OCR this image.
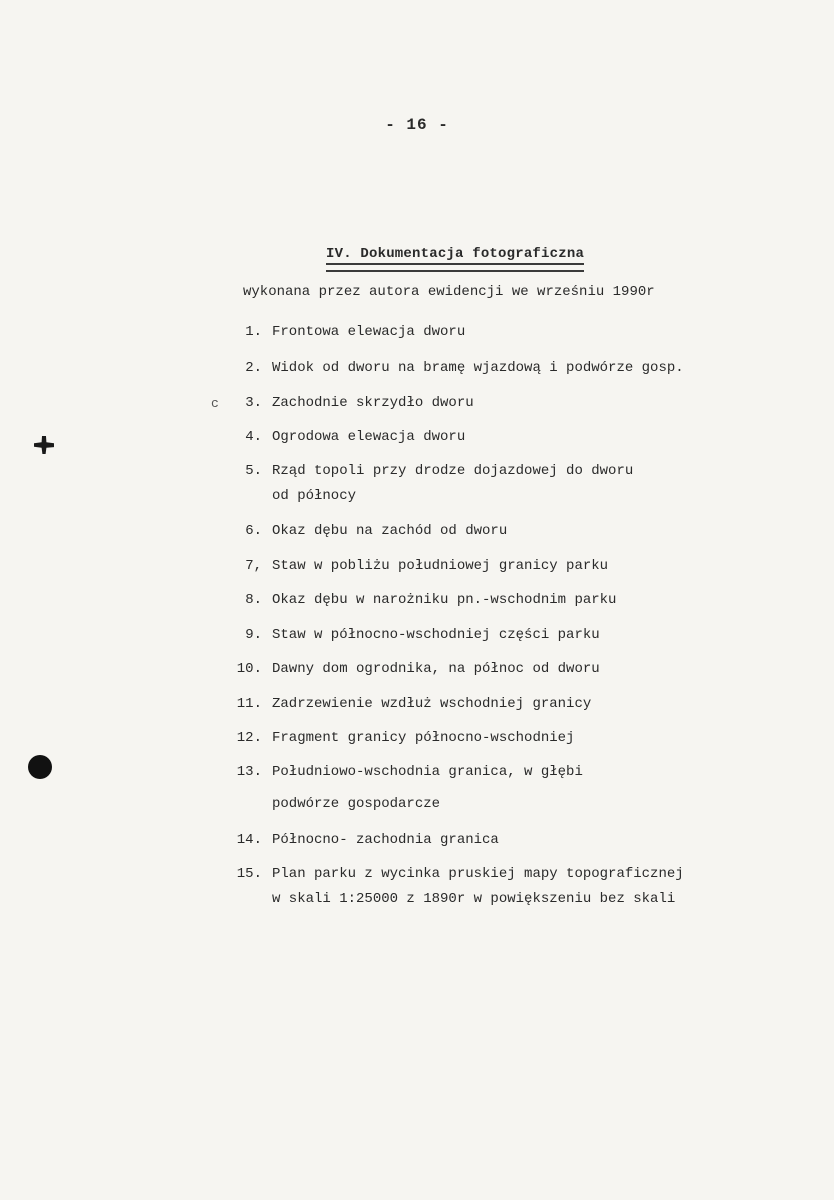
- 16 -
IV. Dokumentacja fotograficzna
wykonana przez autora ewidencji we wrześniu 1990r
c
1. Frontowa elewacja dworu
2. Widok od dworu na bramę wjazdową i podwórze gosp.
3. Zachodnie skrzydło dworu
4. Ogrodowa elewacja dworu
5. Rząd topoli przy drodze dojazdowej do dworu
od północy
6. Okaz dębu na zachód od dworu
7, Staw w pobliżu południowej granicy parku
8. Okaz dębu w narożniku pn.-wschodnim parku
9. Staw w północno-wschodniej części parku
10. Dawny dom ogrodnika, na północ od dworu
11. Zadrzewienie wzdłuż wschodniej granicy
12. Fragment granicy północno-wschodniej
13. Południowo-wschodnia granica, w głębi
podwórze gospodarcze
14. Północno- zachodnia granica
15. Plan parku z wycinka pruskiej mapy topograficznej
w skali 1:25000 z 1890r w powiększeniu bez skali
